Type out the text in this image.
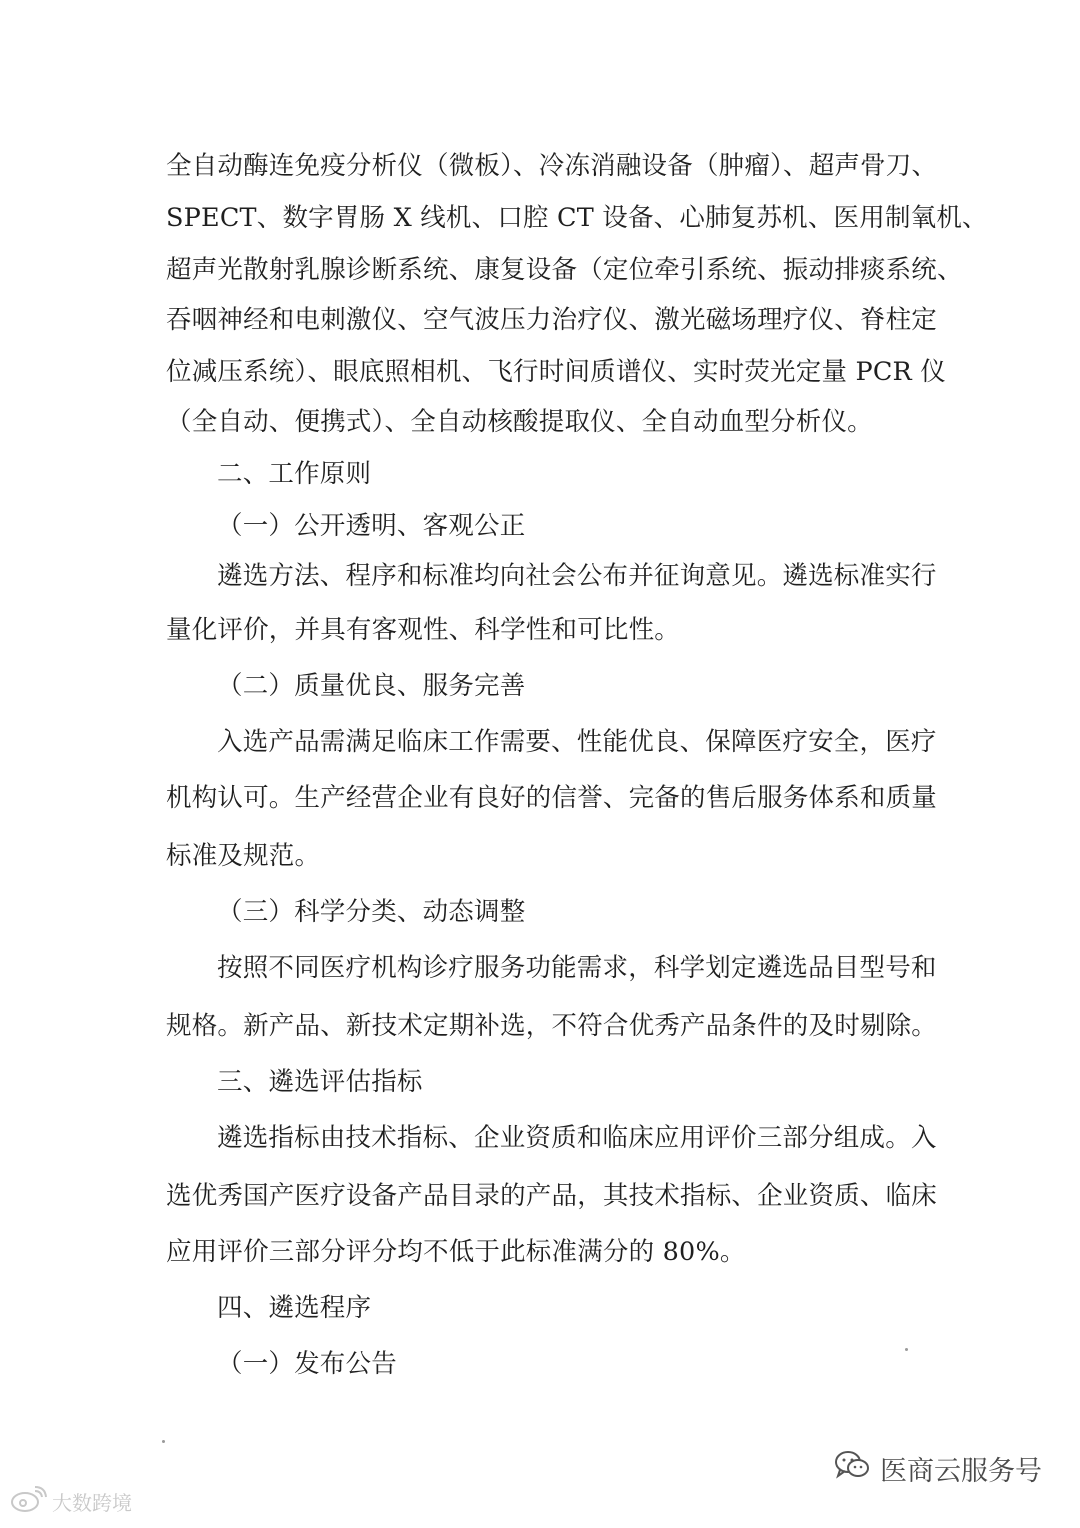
全自动酶连免疫分析仪（微板）、冷冻消融设备（肿瘤）、超声骨刀、
SPECT、数字胃肠 X 线机、口腔 CT 设备、心肺复苏机、医用制氧机、
超声光散射乳腺诊断系统、康复设备（定位牵引系统、振动排痰系统、
吞咽神经和电刺激仪、空气波压力治疗仪、激光磁场理疗仪、脊柱定
位减压系统）、眼底照相机、飞行时间质谱仪、实时荧光定量 PCR 仪
（全自动、便携式）、全自动核酸提取仪、全自动血型分析仪。
二、工作原则
（一）公开透明、客观公正
遴选方法、程序和标准均向社会公布并征询意见。遴选标准实行
量化评价，并具有客观性、科学性和可比性。
（二）质量优良、服务完善
入选产品需满足临床工作需要、性能优良、保障医疗安全，医疗
机构认可。生产经营企业有良好的信誉、完备的售后服务体系和质量
标准及规范。
（三）科学分类、动态调整
按照不同医疗机构诊疗服务功能需求，科学划定遴选品目型号和
规格。新产品、新技术定期补选，不符合优秀产品条件的及时剔除。
三、遴选评估指标
遴选指标由技术指标、企业资质和临床应用评价三部分组成。入
选优秀国产医疗设备产品目录的产品，其技术指标、企业资质、临床
应用评价三部分评分均不低于此标准满分的 80%。
四、遴选程序
（一）发布公告
大数跨境
医商云服务号
